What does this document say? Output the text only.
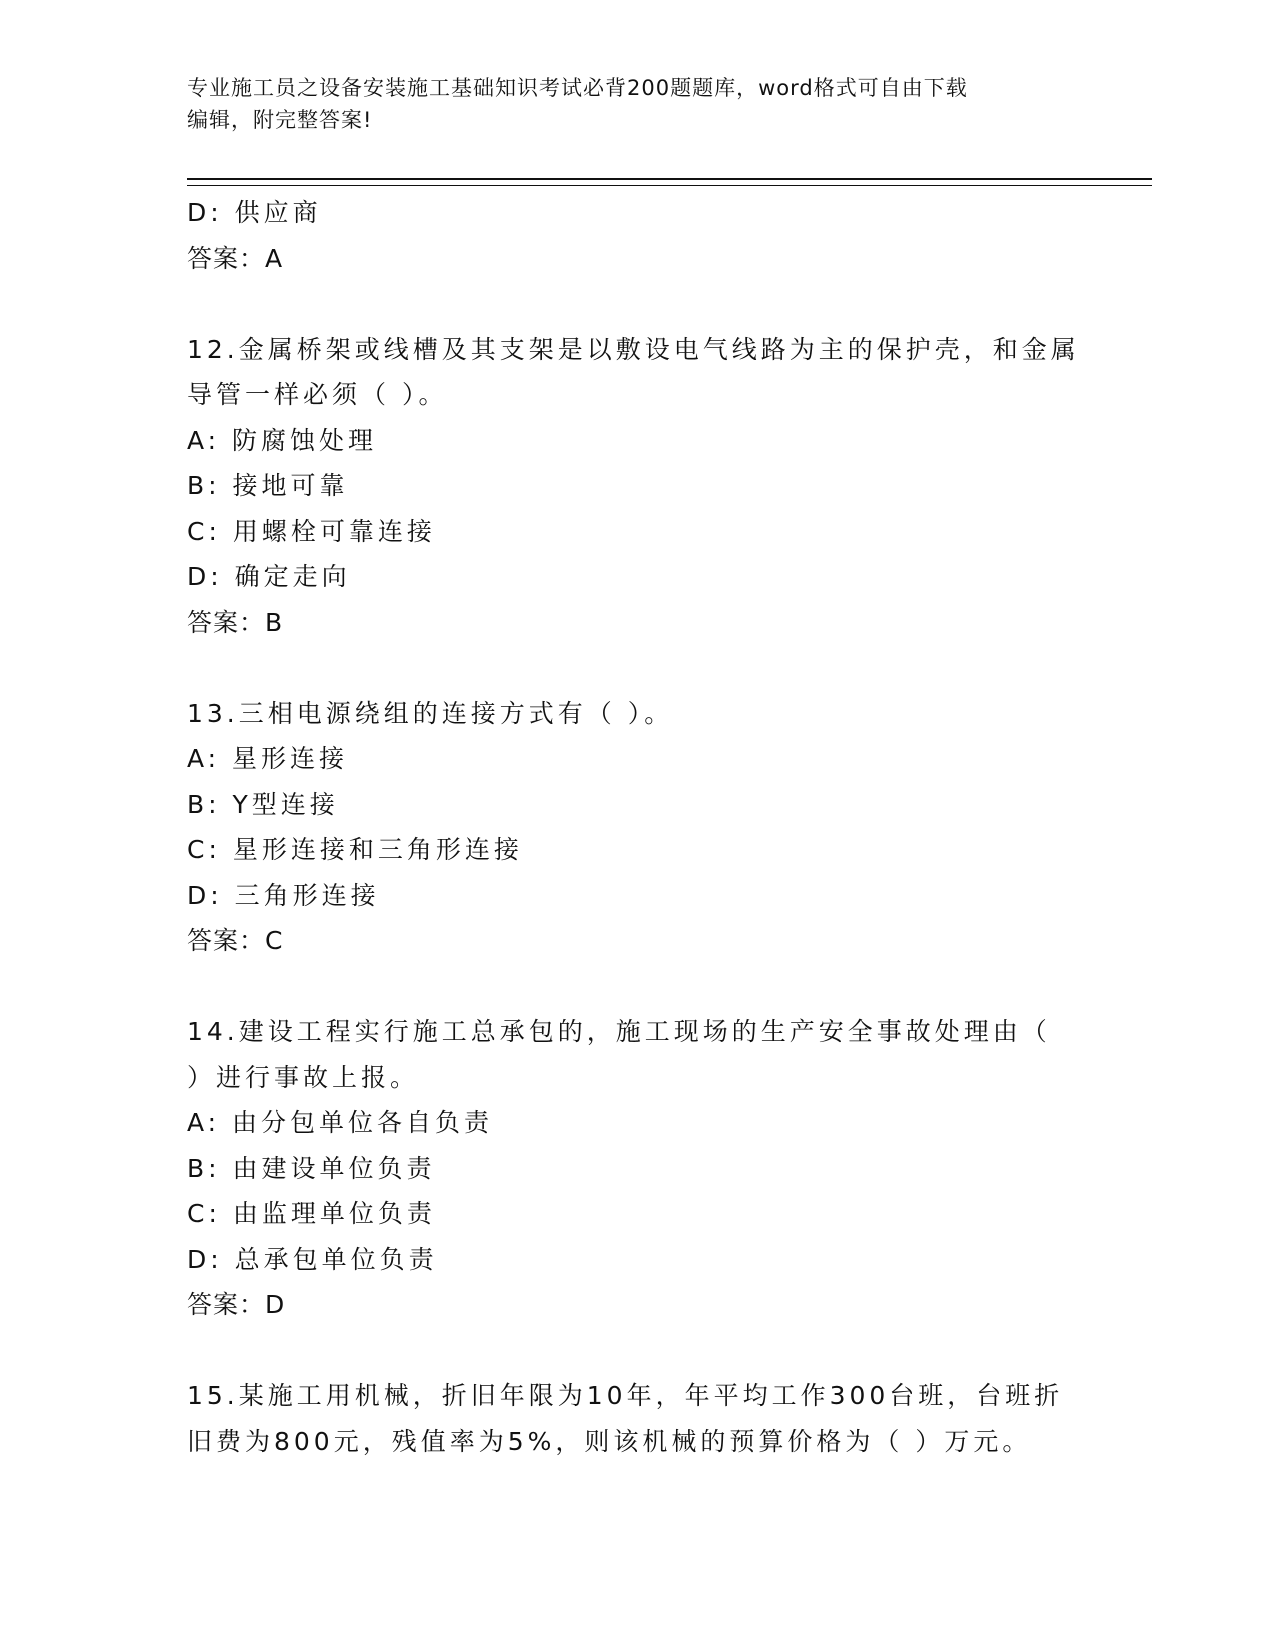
专业施工员之设备安装施工基础知识考试必背200题题库，word格式可自由下载
编辑，附完整答案!
D: 供应商
答案：A
12.金属桥架或线槽及其支架是以敷设电气线路为主的保护壳，和金属
导管一样必须（ ）。
A: 防腐蚀处理
B: 接地可靠
C: 用螺栓可靠连接
D: 确定走向
答案：B
13.三相电源绕组的连接方式有（ ）。
A: 星形连接
B: Y型连接
C: 星形连接和三角形连接
D: 三角形连接
答案：C
14.建设工程实行施工总承包的，施工现场的生产安全事故处理由（
）进行事故上报。
A: 由分包单位各自负责
B: 由建设单位负责
C: 由监理单位负责
D: 总承包单位负责
答案：D
15.某施工用机械，折旧年限为10年，年平均工作300台班，台班折
旧费为800元，残值率为5%，则该机械的预算价格为（ ）万元。
